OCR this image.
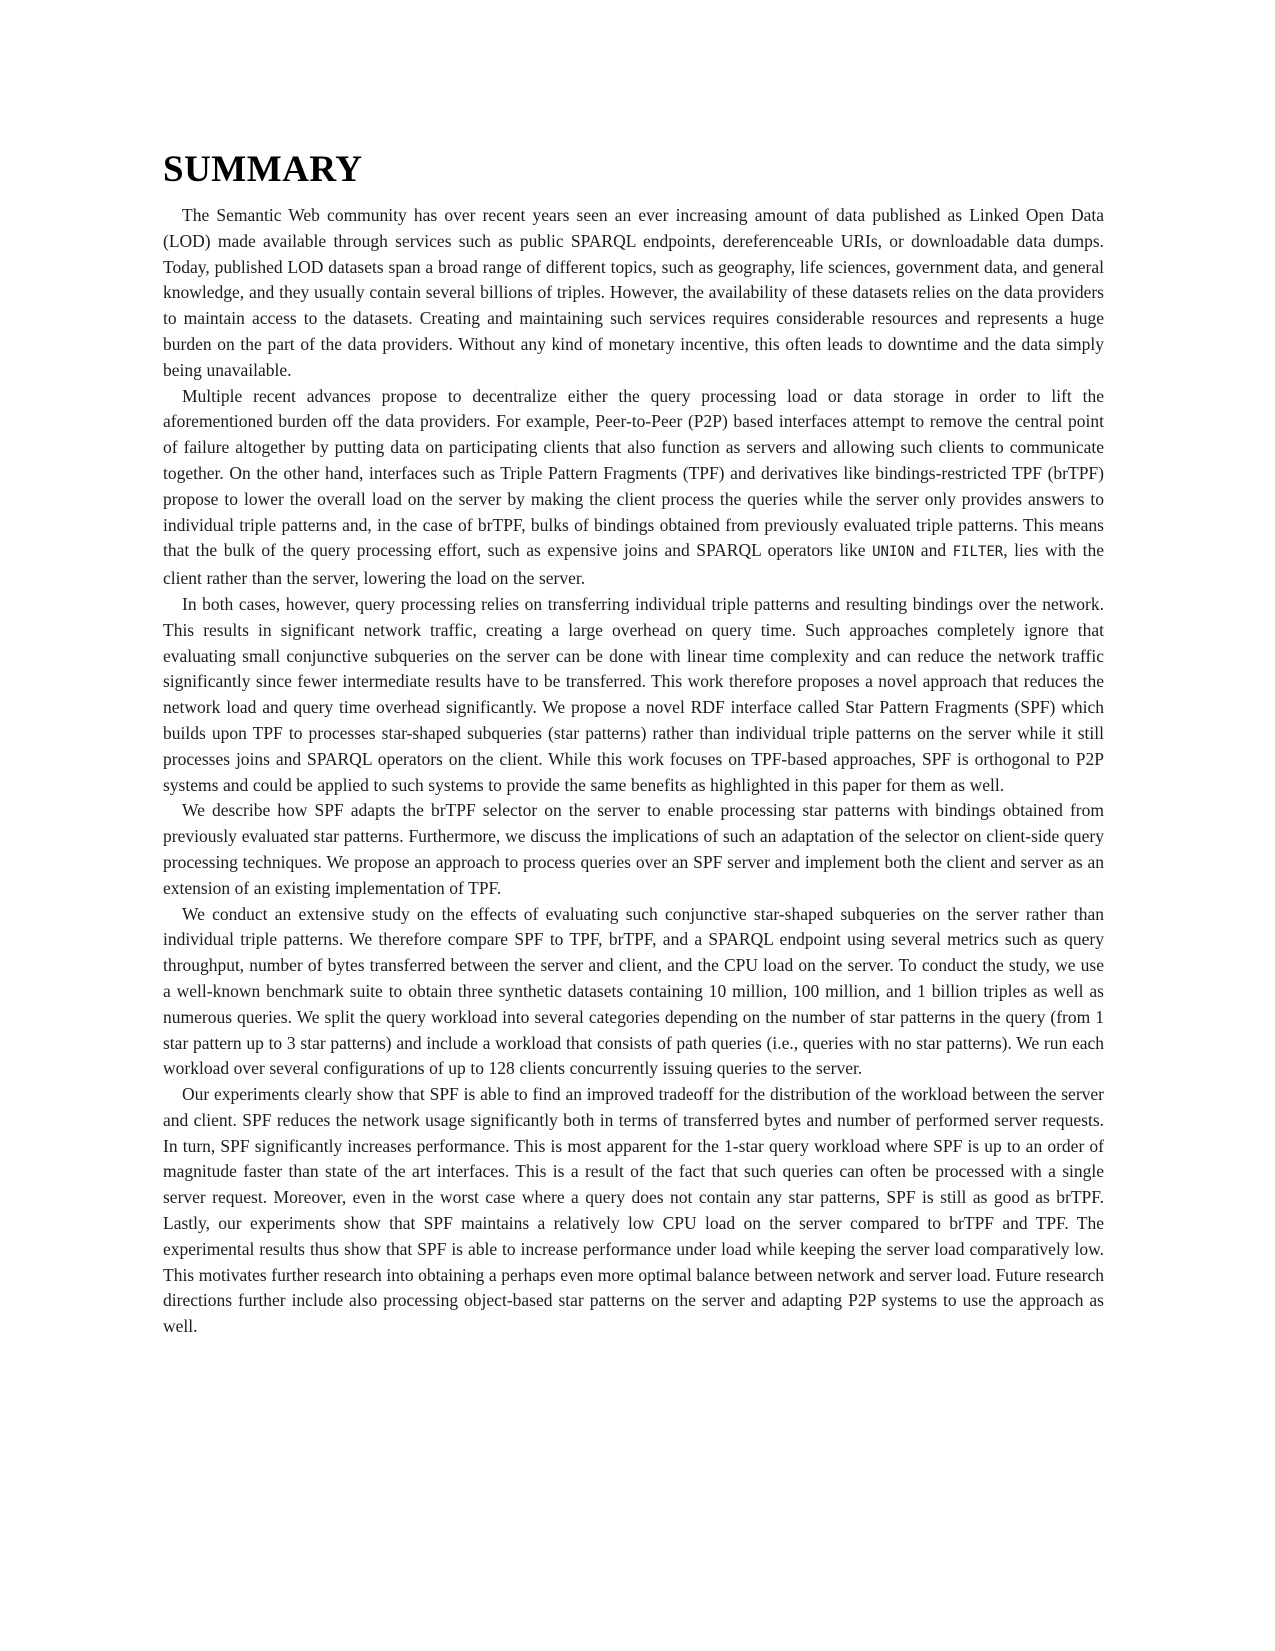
SUMMARY

The Semantic Web community has over recent years seen an ever increasing amount of data published as Linked Open Data (LOD) made available through services such as public SPARQL endpoints, dereferenceable URIs, or downloadable data dumps. Today, published LOD datasets span a broad range of different topics, such as geography, life sciences, government data, and general knowledge, and they usually contain several billions of triples. However, the availability of these datasets relies on the data providers to maintain access to the datasets. Creating and maintaining such services requires considerable resources and represents a huge burden on the part of the data providers. Without any kind of monetary incentive, this often leads to downtime and the data simply being unavailable.

Multiple recent advances propose to decentralize either the query processing load or data storage in order to lift the aforementioned burden off the data providers. For example, Peer-to-Peer (P2P) based interfaces attempt to remove the central point of failure altogether by putting data on participating clients that also function as servers and allowing such clients to communicate together. On the other hand, interfaces such as Triple Pattern Fragments (TPF) and derivatives like bindings-restricted TPF (brTPF) propose to lower the overall load on the server by making the client process the queries while the server only provides answers to individual triple patterns and, in the case of brTPF, bulks of bindings obtained from previously evaluated triple patterns. This means that the bulk of the query processing effort, such as expensive joins and SPARQL operators like UNION and FILTER, lies with the client rather than the server, lowering the load on the server.

In both cases, however, query processing relies on transferring individual triple patterns and resulting bindings over the network. This results in significant network traffic, creating a large overhead on query time. Such approaches completely ignore that evaluating small conjunctive subqueries on the server can be done with linear time complexity and can reduce the network traffic significantly since fewer intermediate results have to be transferred. This work therefore proposes a novel approach that reduces the network load and query time overhead significantly. We propose a novel RDF interface called Star Pattern Fragments (SPF) which builds upon TPF to processes star-shaped subqueries (star patterns) rather than individual triple patterns on the server while it still processes joins and SPARQL operators on the client. While this work focuses on TPF-based approaches, SPF is orthogonal to P2P systems and could be applied to such systems to provide the same benefits as highlighted in this paper for them as well.

We describe how SPF adapts the brTPF selector on the server to enable processing star patterns with bindings obtained from previously evaluated star patterns. Furthermore, we discuss the implications of such an adaptation of the selector on client-side query processing techniques. We propose an approach to process queries over an SPF server and implement both the client and server as an extension of an existing implementation of TPF.

We conduct an extensive study on the effects of evaluating such conjunctive star-shaped subqueries on the server rather than individual triple patterns. We therefore compare SPF to TPF, brTPF, and a SPARQL endpoint using several metrics such as query throughput, number of bytes transferred between the server and client, and the CPU load on the server. To conduct the study, we use a well-known benchmark suite to obtain three synthetic datasets containing 10 million, 100 million, and 1 billion triples as well as numerous queries. We split the query workload into several categories depending on the number of star patterns in the query (from 1 star pattern up to 3 star patterns) and include a workload that consists of path queries (i.e., queries with no star patterns). We run each workload over several configurations of up to 128 clients concurrently issuing queries to the server.

Our experiments clearly show that SPF is able to find an improved tradeoff for the distribution of the workload between the server and client. SPF reduces the network usage significantly both in terms of transferred bytes and number of performed server requests. In turn, SPF significantly increases performance. This is most apparent for the 1-star query workload where SPF is up to an order of magnitude faster than state of the art interfaces. This is a result of the fact that such queries can often be processed with a single server request. Moreover, even in the worst case where a query does not contain any star patterns, SPF is still as good as brTPF. Lastly, our experiments show that SPF maintains a relatively low CPU load on the server compared to brTPF and TPF. The experimental results thus show that SPF is able to increase performance under load while keeping the server load comparatively low. This motivates further research into obtaining a perhaps even more optimal balance between network and server load. Future research directions further include also processing object-based star patterns on the server and adapting P2P systems to use the approach as well.
